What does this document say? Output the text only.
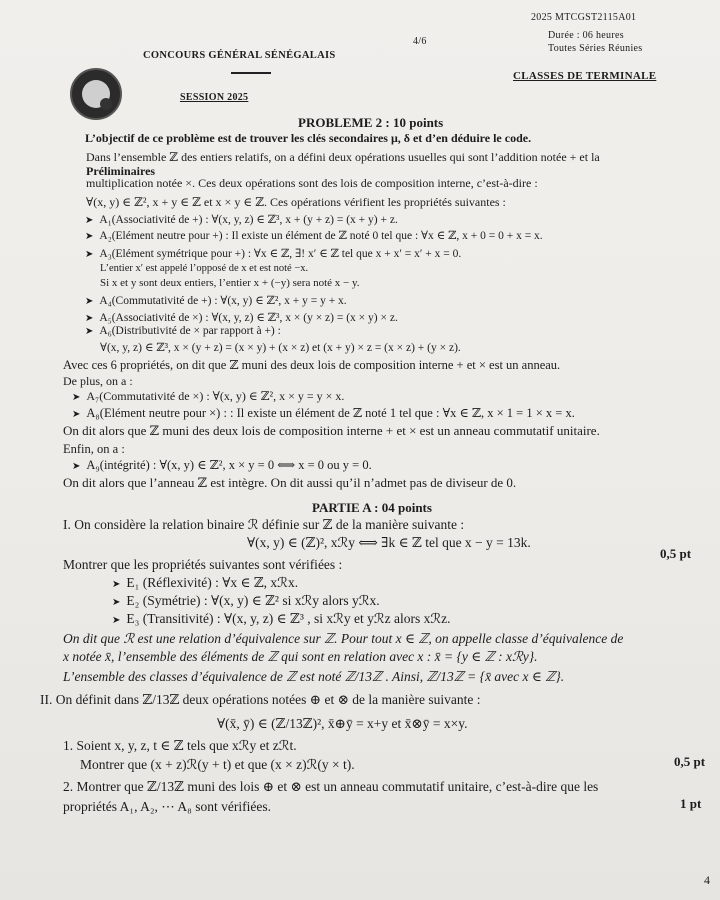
2025 MTCGST2115A01
4/6
Durée : 06 heures
Toutes Séries Réunies
CONCOURS GÉNÉRAL SÉNÉGALAIS
CLASSES DE TERMINALE
SESSION 2025
PROBLEME 2 : 10 points
L’objectif de ce problème est de trouver les clés secondaires μ, δ et d’en déduire le code.
Préliminaires
Dans l’ensemble ℤ des entiers relatifs, on a défini deux opérations usuelles qui sont l’addition notée + et la
multiplication notée ×. Ces deux opérations sont des lois de composition interne, c’est-à-dire :
∀(x, y) ∈ ℤ², x + y ∈ ℤ et x × y ∈ ℤ. Ces opérations vérifient les propriétés suivantes :
➤ A₁(Associativité de +) : ∀(x, y, z) ∈ ℤ³, x + (y + z) = (x + y) + z.
➤ A₂(Elément neutre pour +) : Il existe un élément de ℤ noté 0 tel que : ∀x ∈ ℤ, x + 0 = 0 + x = x.
➤ A₃(Elément symétrique pour +) : ∀x ∈ ℤ, ∃! x′ ∈ ℤ tel que x + x′ = x′ + x = 0.
L’entier x′ est appelé l’opposé de x et est noté −x.
Si x et y sont deux entiers, l’entier x + (−y) sera noté x − y.
➤ A₄(Commutativité de +) : ∀(x, y) ∈ ℤ², x + y = y + x.
➤ A₅(Associativité de ×) : ∀(x, y, z) ∈ ℤ³, x × (y × z) = (x × y) × z.
➤ A₆(Distributivité de × par rapport à +) :
∀(x, y, z) ∈ ℤ³, x × (y + z) = (x × y) + (x × z) et (x + y) × z = (x × z) + (y × z).
Avec ces 6 propriétés, on dit que ℤ muni des deux lois de composition interne + et × est un anneau.
De plus, on a :
➤ A₇(Commutativité de ×) : ∀(x, y) ∈ ℤ², x × y = y × x.
➤ A₈(Elément neutre pour ×) : : Il existe un élément de ℤ noté 1 tel que : ∀x ∈ ℤ, x × 1 = 1 × x = x.
On dit alors que ℤ muni des deux lois de composition interne + et × est un anneau commutatif unitaire.
Enfin, on a :
➤ A₉(intégrité) : ∀(x, y) ∈ ℤ², x × y = 0 ⟺ x = 0 ou y = 0.
On dit alors que l’anneau ℤ est intègre. On dit aussi qu’il n’admet pas de diviseur de 0.
PARTIE A : 04 points
I. On considère la relation binaire ℛ définie sur ℤ de la manière suivante :
∀(x, y) ∈ (ℤ)², xℛy ⟺ ∃k ∈ ℤ tel que x − y = 13k.
Montrer que les propriétés suivantes sont vérifiées :
0,5 pt
➤ E₁ (Réflexivité) : ∀x ∈ ℤ, xℛx.
➤ E₂ (Symétrie) : ∀(x, y) ∈ ℤ² si xℛy alors yℛx.
➤ E₃ (Transitivité) : ∀(x, y, z) ∈ ℤ³ , si xℛy et yℛz alors xℛz.
On dit que ℛ est une relation d’équivalence sur ℤ. Pour tout x ∈ ℤ, on appelle classe d’équivalence de
x notée x̄, l’ensemble des éléments de ℤ qui sont en relation avec x : x̄ = {y ∈ ℤ : xℛy}.
L’ensemble des classes d’équivalence de ℤ est noté ℤ/13ℤ . Ainsi, ℤ/13ℤ = {x̄ avec x ∈ ℤ}.
II. On définit dans ℤ/13ℤ deux opérations notées ⊕ et ⊗ de la manière suivante :
∀(x̄, ȳ) ∈ (ℤ/13ℤ)², x̄⊕ȳ = x+y et x̄⊗ȳ = x×y.
1. Soient x, y, z, t ∈ ℤ tels que xℛy et zℛt.
Montrer que (x + z)ℛ(y + t) et que (x × z)ℛ(y × t).	0,5 pt
2. Montrer que ℤ/13ℤ muni des lois ⊕ et ⊗ est un anneau commutatif unitaire, c’est-à-dire que les
propriétés A₁, A₂, ⋯ A₈ sont vérifiées.	1 pt
4
